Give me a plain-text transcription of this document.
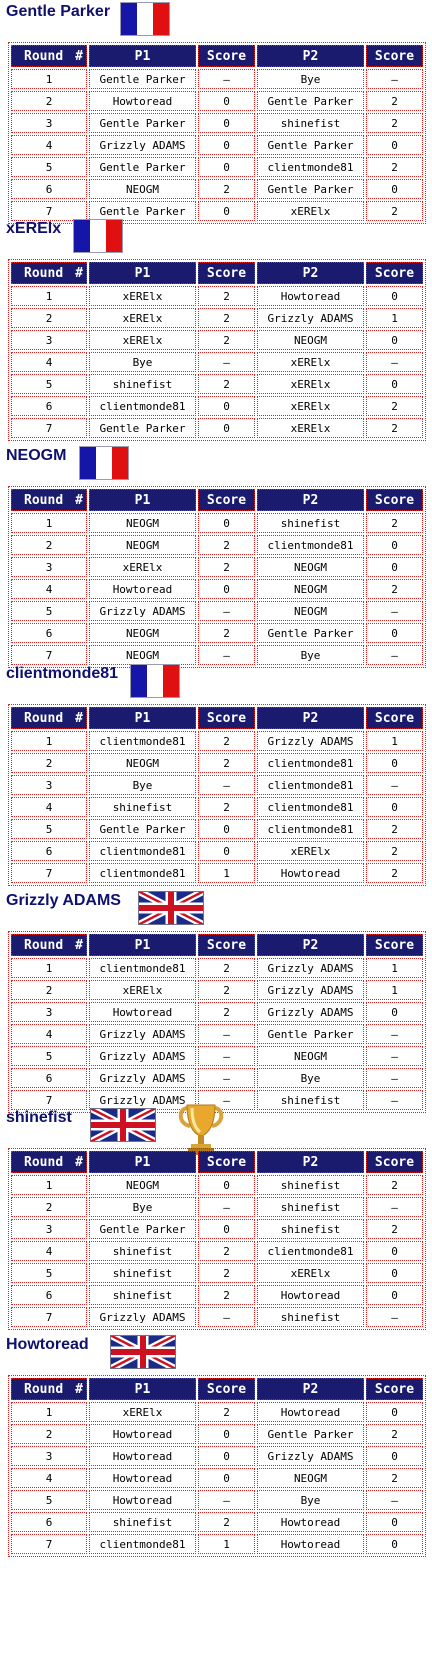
Gentle Parker
Round #	P1	Score	P2	Score
1	Gentle Parker	–	Bye	–
2	Howtoread	0	Gentle Parker	2
3	Gentle Parker	0	shinefist	2
4	Grizzly ADAMS	0	Gentle Parker	0
5	Gentle Parker	0	clientmonde81	2
6	NEOGM	2	Gentle Parker	0
7	Gentle Parker	0	xERElx	2
xERElx
Round #	P1	Score	P2	Score
1	xERElx	2	Howtoread	0
2	xERElx	2	Grizzly ADAMS	1
3	xERElx	2	NEOGM	0
4	Bye	–	xERElx	–
5	shinefist	2	xERElx	0
6	clientmonde81	0	xERElx	2
7	Gentle Parker	0	xERElx	2
NEOGM
Round #	P1	Score	P2	Score
1	NEOGM	0	shinefist	2
2	NEOGM	2	clientmonde81	0
3	xERElx	2	NEOGM	0
4	Howtoread	0	NEOGM	2
5	Grizzly ADAMS	–	NEOGM	–
6	NEOGM	2	Gentle Parker	0
7	NEOGM	–	Bye	–
clientmonde81
Round #	P1	Score	P2	Score
1	clientmonde81	2	Grizzly ADAMS	1
2	NEOGM	2	clientmonde81	0
3	Bye	–	clientmonde81	–
4	shinefist	2	clientmonde81	0
5	Gentle Parker	0	clientmonde81	2
6	clientmonde81	0	xERElx	2
7	clientmonde81	1	Howtoread	2
Grizzly ADAMS
Round #	P1	Score	P2	Score
1	clientmonde81	2	Grizzly ADAMS	1
2	xERElx	2	Grizzly ADAMS	1
3	Howtoread	2	Grizzly ADAMS	0
4	Grizzly ADAMS	–	Gentle Parker	–
5	Grizzly ADAMS	–	NEOGM	–
6	Grizzly ADAMS	–	Bye	–
7	Grizzly ADAMS	–	shinefist	–
shinefist
Round #	P1	Score	P2	Score
1	NEOGM	0	shinefist	2
2	Bye	–	shinefist	–
3	Gentle Parker	0	shinefist	2
4	shinefist	2	clientmonde81	0
5	shinefist	2	xERElx	0
6	shinefist	2	Howtoread	0
7	Grizzly ADAMS	–	shinefist	–
Howtoread
Round #	P1	Score	P2	Score
1	xERElx	2	Howtoread	0
2	Howtoread	0	Gentle Parker	2
3	Howtoread	0	Grizzly ADAMS	0
4	Howtoread	0	NEOGM	2
5	Howtoread	–	Bye	–
6	shinefist	2	Howtoread	0
7	clientmonde81	1	Howtoread	0
